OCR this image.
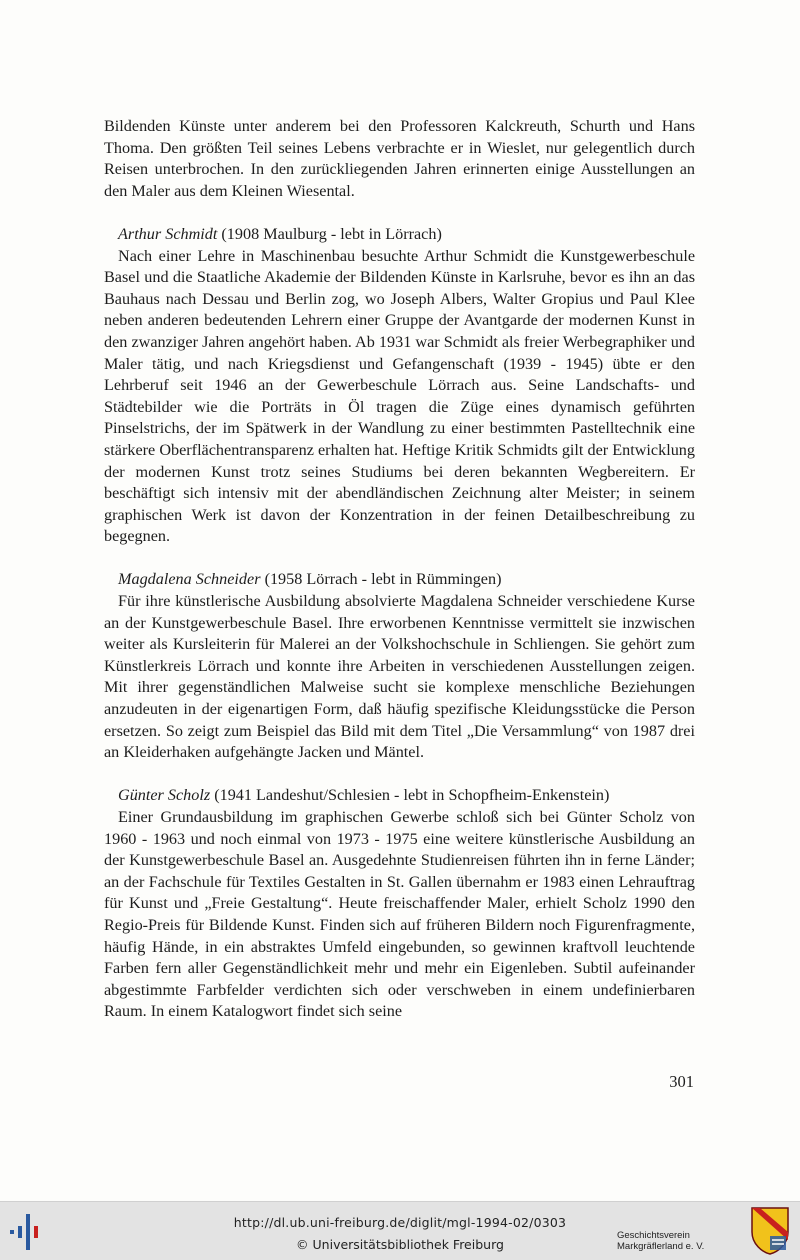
Bildenden Künste unter anderem bei den Professoren Kalckreuth, Schurth und Hans Thoma. Den größten Teil seines Lebens verbrachte er in Wieslet, nur gelegentlich durch Reisen unterbrochen. In den zurückliegenden Jahren erinnerten einige Ausstellungen an den Maler aus dem Kleinen Wiesental.

Arthur Schmidt (1908 Maulburg - lebt in Lörrach)

Nach einer Lehre in Maschinenbau besuchte Arthur Schmidt die Kunstgewerbeschule Basel und die Staatliche Akademie der Bildenden Künste in Karlsruhe, bevor es ihn an das Bauhaus nach Dessau und Berlin zog, wo Joseph Albers, Walter Gropius und Paul Klee neben anderen bedeutenden Lehrern einer Gruppe der Avantgarde der modernen Kunst in den zwanziger Jahren angehört haben. Ab 1931 war Schmidt als freier Werbegraphiker und Maler tätig, und nach Kriegsdienst und Gefangenschaft (1939 - 1945) übte er den Lehrberuf seit 1946 an der Gewerbeschule Lörrach aus. Seine Landschafts- und Städtebilder wie die Porträts in Öl tragen die Züge eines dynamisch geführten Pinselstrichs, der im Spätwerk in der Wandlung zu einer bestimmten Pastelltechnik eine stärkere Oberflächentransparenz erhalten hat. Heftige Kritik Schmidts gilt der Entwicklung der modernen Kunst trotz seines Studiums bei deren bekannten Wegbereitern. Er beschäftigt sich intensiv mit der abendländischen Zeichnung alter Meister; in seinem graphischen Werk ist davon der Konzentration in der feinen Detailbeschreibung zu begegnen.

Magdalena Schneider (1958 Lörrach - lebt in Rümmingen)

Für ihre künstlerische Ausbildung absolvierte Magdalena Schneider verschiedene Kurse an der Kunstgewerbeschule Basel. Ihre erworbenen Kenntnisse vermittelt sie inzwischen weiter als Kursleiterin für Malerei an der Volkshochschule in Schliengen. Sie gehört zum Künstlerkreis Lörrach und konnte ihre Arbeiten in verschiedenen Ausstellungen zeigen. Mit ihrer gegenständlichen Malweise sucht sie komplexe menschliche Beziehungen anzudeuten in der eigenartigen Form, daß häufig spezifische Kleidungsstücke die Person ersetzen. So zeigt zum Beispiel das Bild mit dem Titel „Die Versammlung“ von 1987 drei an Kleiderhaken aufgehängte Jacken und Mäntel.

Günter Scholz (1941 Landeshut/Schlesien - lebt in Schopfheim-Enkenstein)

Einer Grundausbildung im graphischen Gewerbe schloß sich bei Günter Scholz von 1960 - 1963 und noch einmal von 1973 - 1975 eine weitere künstlerische Ausbildung an der Kunstgewerbeschule Basel an. Ausgedehnte Studienreisen führten ihn in ferne Länder; an der Fachschule für Textiles Gestalten in St. Gallen übernahm er 1983 einen Lehrauftrag für Kunst und „Freie Gestaltung“. Heute freischaffender Maler, erhielt Scholz 1990 den Regio-Preis für Bildende Kunst. Finden sich auf früheren Bildern noch Figurenfragmente, häufig Hände, in ein abstraktes Umfeld eingebunden, so gewinnen kraftvoll leuchtende Farben fern aller Gegenständlichkeit mehr und mehr ein Eigenleben. Subtil aufeinander abgestimmte Farbfelder verdichten sich oder verschweben in einem undefinierbaren Raum. In einem Katalogwort findet sich seine

301
http://dl.ub.uni-freiburg.de/diglit/mgl-1994-02/0303
© Universitätsbibliothek Freiburg
Geschichtsverein
Markgräflerland e. V.
